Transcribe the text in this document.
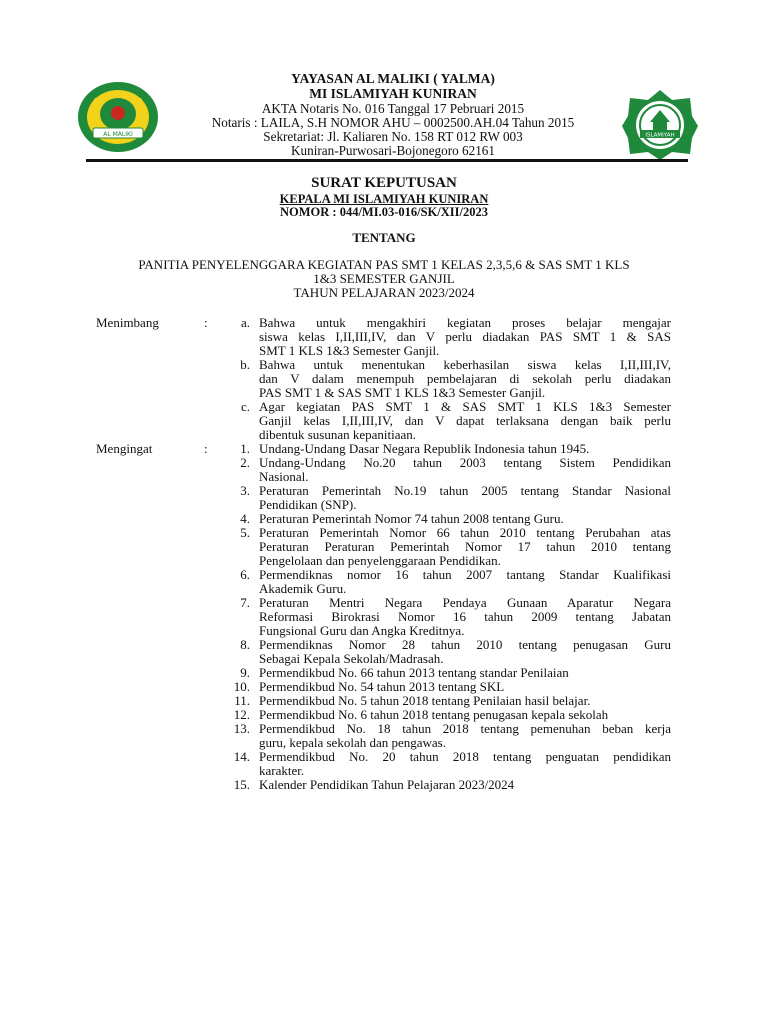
AL MALIKI	ISLAMIYAH
YAYASAN AL MALIKI ( YALMA)
MI ISLAMIYAH KUNIRAN
AKTA Notaris No. 016 Tanggal 17 Pebruari 2015
Notaris : LAILA, S.H NOMOR AHU – 0002500.AH.04 Tahun 2015
Sekretariat: Jl. Kaliaren No. 158 RT 012 RW 003
Kuniran-Purwosari-Bojonegoro 62161
SURAT KEPUTUSAN
KEPALA MI ISLAMIYAH KUNIRAN
NOMOR : 044/MI.03-016/SK/XII/2023
TENTANG
PANITIA PENYELENGGARA KEGIATAN PAS SMT 1 KELAS 2,3,5,6 & SAS SMT 1 KLS
1&3 SEMESTER GANJIL
TAHUN PELAJARAN 2023/2024
Menimbang	:	a. Bahwa untuk mengakhiri kegiatan proses belajar mengajar
siswa kelas I,II,III,IV, dan V perlu diadakan PAS SMT 1 & SAS
SMT 1 KLS 1&3 Semester Ganjil.
b. Bahwa untuk menentukan keberhasilan siswa kelas I,II,III,IV,
dan V dalam menempuh pembelajaran di sekolah perlu diadakan
PAS SMT 1 & SAS SMT 1 KLS 1&3 Semester Ganjil.
c. Agar kegiatan PAS SMT 1 & SAS SMT 1 KLS 1&3 Semester
Ganjil kelas I,II,III,IV, dan V dapat terlaksana dengan baik perlu
dibentuk susunan kepanitiaan.
Mengingat	:	1. Undang-Undang Dasar Negara Republik Indonesia tahun 1945.
2. Undang-Undang No.20 tahun 2003 tentang Sistem Pendidikan
Nasional.
3. Peraturan Pemerintah No.19 tahun 2005 tentang Standar Nasional
Pendidikan (SNP).
4. Peraturan Pemerintah Nomor 74 tahun 2008 tentang Guru.
5. Peraturan Pemerintah Nomor 66 tahun 2010 tentang Perubahan atas
Peraturan Peraturan Pemerintah Nomor 17 tahun 2010 tentang
Pengelolaan dan penyelenggaraan Pendidikan.
6. Permendiknas nomor 16 tahun 2007 tantang Standar Kualifikasi
Akademik Guru.
7. Peraturan Mentri Negara Pendaya Gunaan Aparatur Negara
Reformasi Birokrasi Nomor 16 tahun 2009 tentang Jabatan
Fungsional Guru dan Angka Kreditnya.
8. Permendiknas Nomor 28 tahun 2010 tentang penugasan Guru
Sebagai Kepala Sekolah/Madrasah.
9. Permendikbud No. 66 tahun 2013 tentang standar Penilaian
10. Permendikbud No. 54 tahun 2013 tentang SKL
11. Permendikbud No. 5 tahun 2018 tentang Penilaian hasil belajar.
12. Permendikbud No. 6 tahun 2018 tentang penugasan kepala sekolah
13. Permendikbud No. 18 tahun 2018 tentang pemenuhan beban kerja
guru, kepala sekolah dan pengawas.
14. Permendikbud No. 20 tahun 2018 tentang penguatan pendidikan
karakter.
15. Kalender Pendidikan Tahun Pelajaran 2023/2024
